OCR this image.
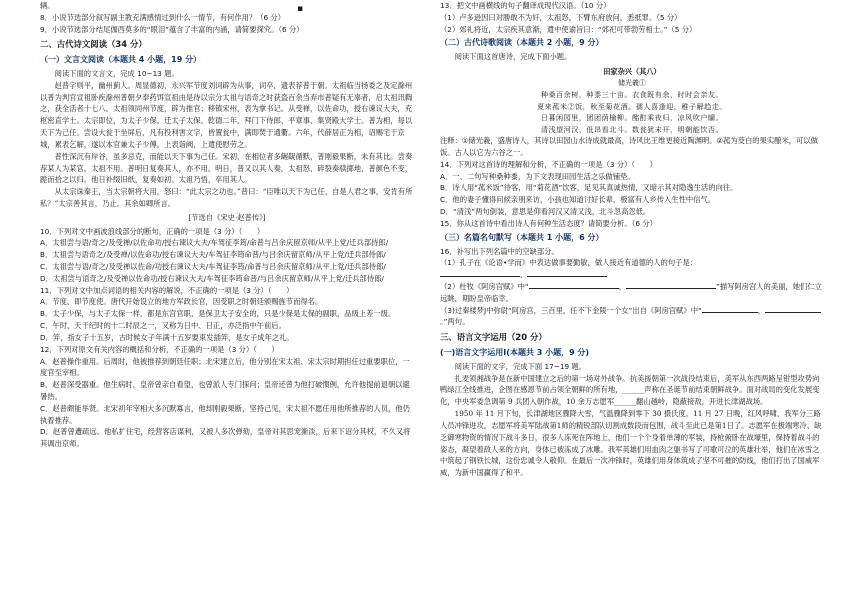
▪

辆。

8．小说节选部分叙写副主教充满感情过到什么一情节，有何作用？（6 分）

9．小说节选部分结尾伽西莫多的“眼泪”蕴含了丰富的内涵，请简要探究。（6 分）

二、古代诗文阅读（34 分）
（一）文言文阅读（本题共 4 小题，19 分）

阅读下面的文言文，完成 10~13 题。

赵普字则平，幽州蓟人。周显德初，永兴军节度刘词辟为从事，词卒，遗表荐普于朝。太祖临当扬委之及定滁州以普为判官宣祖卧疾滁州普朝夕奉药饵宣祖由是待以宗分太祖与语奇之时获盗百余当弃市普疑有无辜者，启太祖讯鞫之，获全活者十七八。太祖领同州节度，辟为推官；移镇宋州，表为掌书记。从受禅，以佐命功，授右谏议大夫，充枢密直学士。太宗即位，为太子少保，迁太子太保。乾德二年，拜门下侍郎、平章事、集贤殿大学士。普为相，每以天下为己任。尝设大瓮于坐屏后，凡有投利害文字，皆置瓮中，满即焚于通衢。六年，代薛居正为相，诏赐宅于京城，累表乞解，遂以本官兼太子少傅。上表诣阙，上遣使慰劳之。

普性深沉有岸谷，虽多忌克，而能以天下事为己任。宋初，在相位者多龌龊循默，普刚毅果断，未有其比。尝奏荐某人为某官，太祖不用。普明日复奏其人，亦不用。明日，普又以其人奏，太祖怒，碎裂奏牍掷地，普颜色不变，跪而拾之以归。他日补缀旧纸，复奏如初。太祖乃悟，卒用其人。

从太宗诛秦王，当太宗朝将大用，怒曰：“此太宗之功也。”普曰：“臣唯以天下为己任，自是人君之事，安肯有所私？”太宗善其言，乃止。其余如卿所言。

[节选自《宋史·赵普传》]

10．下列对文中画波浪线部分的断句，正确的一项是（3 分）（　　）

A．太祖尝与语/奇之/及受禅/以佐命功/授右谏议大夫/车驾征李筠/命普与吕余庆留京师/从平上党/迁兵部侍郎/

B．太祖尝与语奇之/及受禅/以佐命功/授右谏议大夫/车驾征李筠命普/与吕余庆留京师/从平上党/迁兵部侍郎/

C．太祖尝与语/奇之/及受禅以佐命/功授右谏议大夫/车驾征李筠/命普与吕余庆留京师/从平上党/迁兵部侍郎/

D．太祖尝与语奇之/及受禅以佐命功/授右谏议大夫/车驾征李筠命普/与吕余庆留京师/从平上党/迁兵部侍郎/

11．下列对文中加点词语的相关内容的解说，不正确的一项是（3 分）（　　）

A．节度，即节度使。唐代开始设立的地方军政长官，因受职之时朝廷颁赐旌节而得名。

B．太子少保，与太子太保一样，都是东宫官职，是保卫太子安全的，只是少保是太保的副职，品级上差一级。

C．午时，天干纪时的十二时辰之一，又称为日中、日正，亦泛指中午前后。

D．笄，指女子十五岁，古时候女子年满十五岁要束发插笄，是女子成年之礼。

12．下列对原文有关内容的概括和分析，不正确的一项是（3 分）（　　）

A．赵普操作重用。后周时，他被推荐到朝廷任职；北宋建立后，他分别在宋太祖、宋太宗时期担任过重要职位，一度官至宰相。

B．赵普深受器重。他生病时，皇帝曾亲自看望，也曾派人专门探问；皇帝还曾为他打破惯例，允许他提前退朝以避暑热。

C．赵普颇能举贤。北宋初年宰相大多沉默寡言，他却刚毅果断，坚持己见，宋太祖不愿任用他所推荐的人员，他仍执着推荐。

D．赵普曾遭疏远。他私扩住宅，经营客店谋利，又被人多次弹劾，皇帝对其思宠渐淡，后来下诏分其权，不久又将其调出京师。

13．把文中画横线的句子翻译成现代汉语。（10 分）

（1）卢多逊因曰对勝敢不为奸，太祖怒，下臂东府放问，悉抵罪。（5 分）

（2）郊礼将近，太宗疾其意渐，遣中使谕旨曰：“郊祀可带勃劳相士。”（5 分）

（二）古代诗歌阅读（本题共 2 小题，9 分）

阅读下面这首唐诗，完成下面小题。

田家杂兴（其八）
储光羲①
种桑百余树，种黍三十亩。衣食既有余，时时会亲友。
夏来菰米②饭，秋至菊花酒。孺人喜逢迎，稚子解趋走。
日暮闲园里，团团荫榆柳。酩酊乘夜归，凉风吹户牖。
清浅望河汉，低昂看北斗。数瓮犹未开，明朝能饮否。

注释：①储光羲，盛唐诗人，其诗以田园山水诗成就最高，诗风比王维更接近陶渊明。②菰为茭白的果实酿米，可以做饭。古人以它为六谷之一。

14．下列对这首诗的理解和分析，不正确的一项是（3 分）（　　）

A．一、二句写种桑种黍，为下文表现田园生活之乐做铺垫。

B．诗人用“菰米饭”待客，用“菊花酒”饮客，足见其真诚热情，又暗示其对隐逸生活的向往。

C．他的妻子懂得问候亲朋来访，小孩也知道讨好长辈，极富有人乡传入生性中信气。

D．“清浅”两句倒装，意思是仰看河汉又清又浅，北斗忽高忽低。

15．你从这首诗中看出诗人有何种生活态度？请简要分析。（6 分）

（三）名篇名句默写（本题共 1 小题，6 分）

16．补写出下列名篇中的空缺部分。

（1）孔子在《论语•学而》中表达做事要勤敏，做人接近有道德的人的句子是：

，

（2）杜牧《阿房宫赋》中“	，	”描写阿房宫人的美丽，她们仁立远眺，期盼皇帝临幸。

（3)过秦楼梦J中弥尉“阿房宫，三百里，任不下金陵一个女”出自《阿房宫赋》中“	，。”两句。

三、语言文字运用（20 分）
(一)语言文字运用Ⅰ(本题共 3 小题，9 分)

阅读下面的文字，完成下面 17~19 题。

扎麦领湘战争是在新中国建立之后的第一场对外战争。抗美援朝第一次战役结束后，美军从东西两路呈钳型攻势向鸭绿江全线推进，企图在感恩节前占领全朝鲜的所有地，______声称在圣诞节前结束朝鲜战争。面对战局的变化发展变化，中央军委急调第 9 兵团入朝作战，10 余万志愿军______翻山越岭，隐蔽接敌，开进长津湖战场。

1950 年 11 月下旬，长津湖地区骤降大雪，气温骤降到零下 30 摄氏度。11 月 27 日晚，红风呼啸，我军分三路人员冲锋进攻，志愿军将美军陆战第1师的精锐部队切割成数段而包围，战斗至此已是第1日了。志愿军在极端寒冷、缺乏御寒物资的情况下战斗多日，很多人冻死在阵地上，他们一个个身着单薄的军装，持枪俯卧在战壕里，保持着战斗的姿态，凝望着敌人来的方向，身体已被冻成了冰雕。我军英雄们用血肉之躯书写了可歌可泣的英雄壮举，他们在冰雪之中筑起了钢铁长城，这份忠诚令人敬仰。在最后一次冲锋时，英雄们用身体筑成了坚不可摧的防线，他们打出了国威军威，为新中国赢得了和平。
